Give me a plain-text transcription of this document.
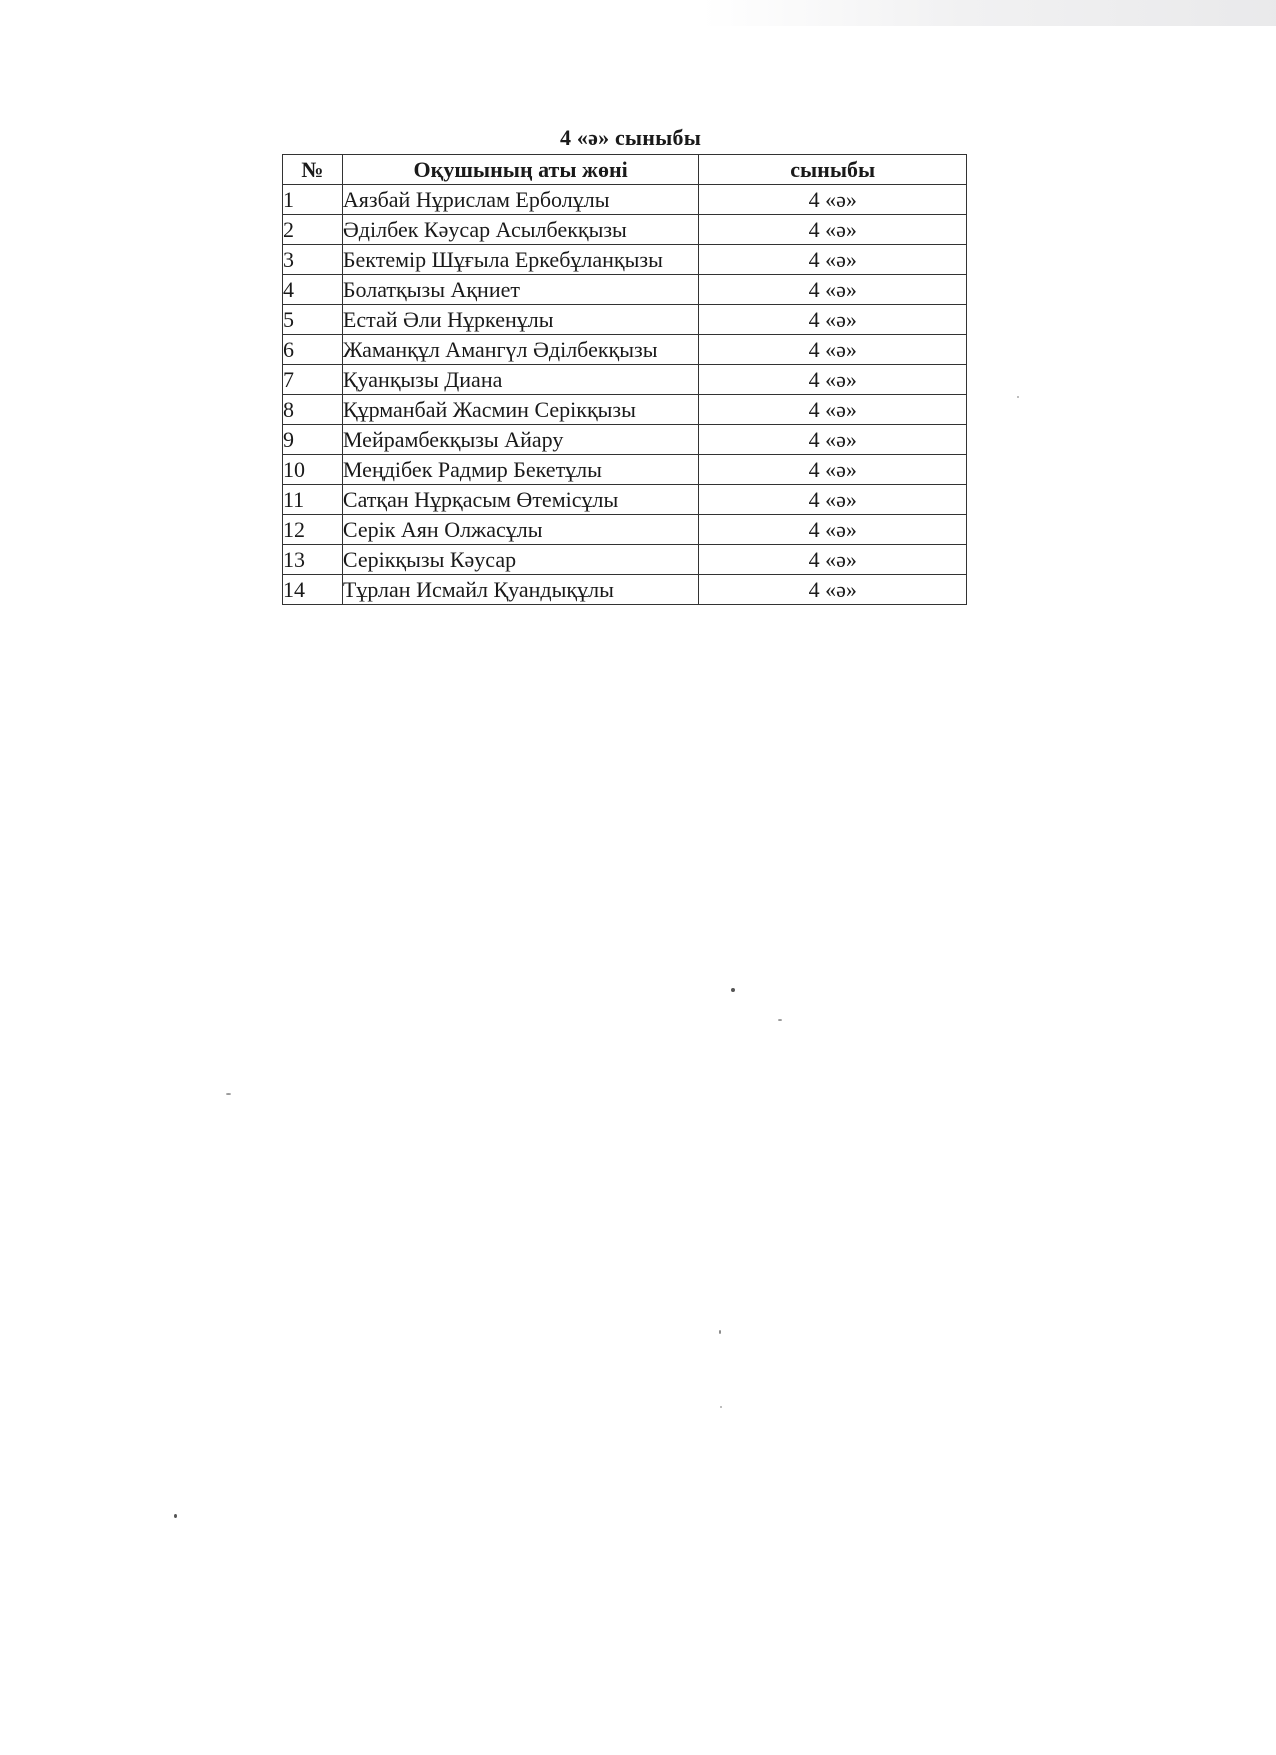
4 «ә» сыныбы
№	Оқушының аты жөні	сыныбы
1	Аязбай Нұрислам Ерболұлы	4 «ә»
2	Әділбек Кәусар Асылбекқызы	4 «ә»
3	Бектемір Шұғыла Еркебұланқызы	4 «ә»
4	Болатқызы Ақниет	4 «ә»
5	Естай Әли Нұркенұлы	4 «ә»
6	Жаманқұл Амангүл Әділбекқызы	4 «ә»
7	Қуанқызы Диана	4 «ә»
8	Құрманбай Жасмин Серікқызы	4 «ә»
9	Мейрамбекқызы Айару	4 «ә»
10	Меңдібек Радмир Бекетұлы	4 «ә»
11	Сатқан Нұрқасым Өтемісұлы	4 «ә»
12	Серік Аян Олжасұлы	4 «ә»
13	Серікқызы Кәусар	4 «ә»
14	Тұрлан Исмайл Қуандықұлы	4 «ә»
